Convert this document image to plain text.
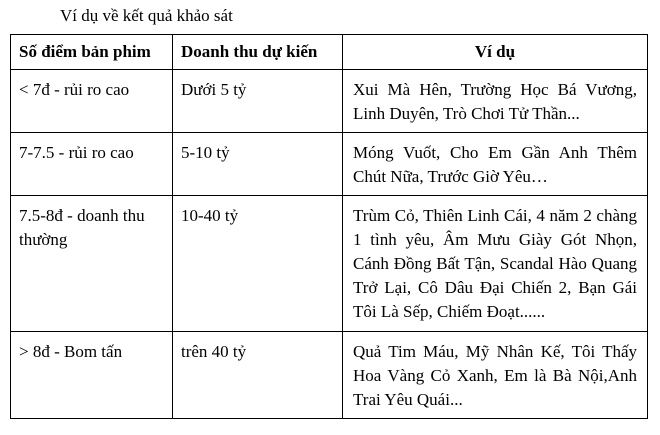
Ví dụ về kết quả khảo sát
Số điểm bản phim	Doanh thu dự kiến	Ví dụ
< 7đ - rủi ro cao	Dưới 5 tỷ	Xui Mà Hên, Trường Học Bá Vương, Linh Duyên, Trò Chơi Tử Thần...
7-7.5 - rủi ro cao	5-10 tỷ	Móng Vuốt, Cho Em Gần Anh Thêm Chút Nữa, Trước Giờ Yêu…
7.5-8đ - doanh thu thường	10-40 tỷ	Trùm Cỏ, Thiên Linh Cái, 4 năm 2 chàng 1 tình yêu, Âm Mưu Giày Gót Nhọn, Cánh Đồng Bất Tận, Scandal Hào Quang Trở Lại, Cô Dâu Đại Chiến 2, Bạn Gái Tôi Là Sếp, Chiếm Đoạt......
> 8đ - Bom tấn	trên 40 tỷ	Quả Tim Máu, Mỹ Nhân Kế, Tôi Thấy Hoa Vàng Cỏ Xanh, Em là Bà Nội,Anh Trai Yêu Quái...
